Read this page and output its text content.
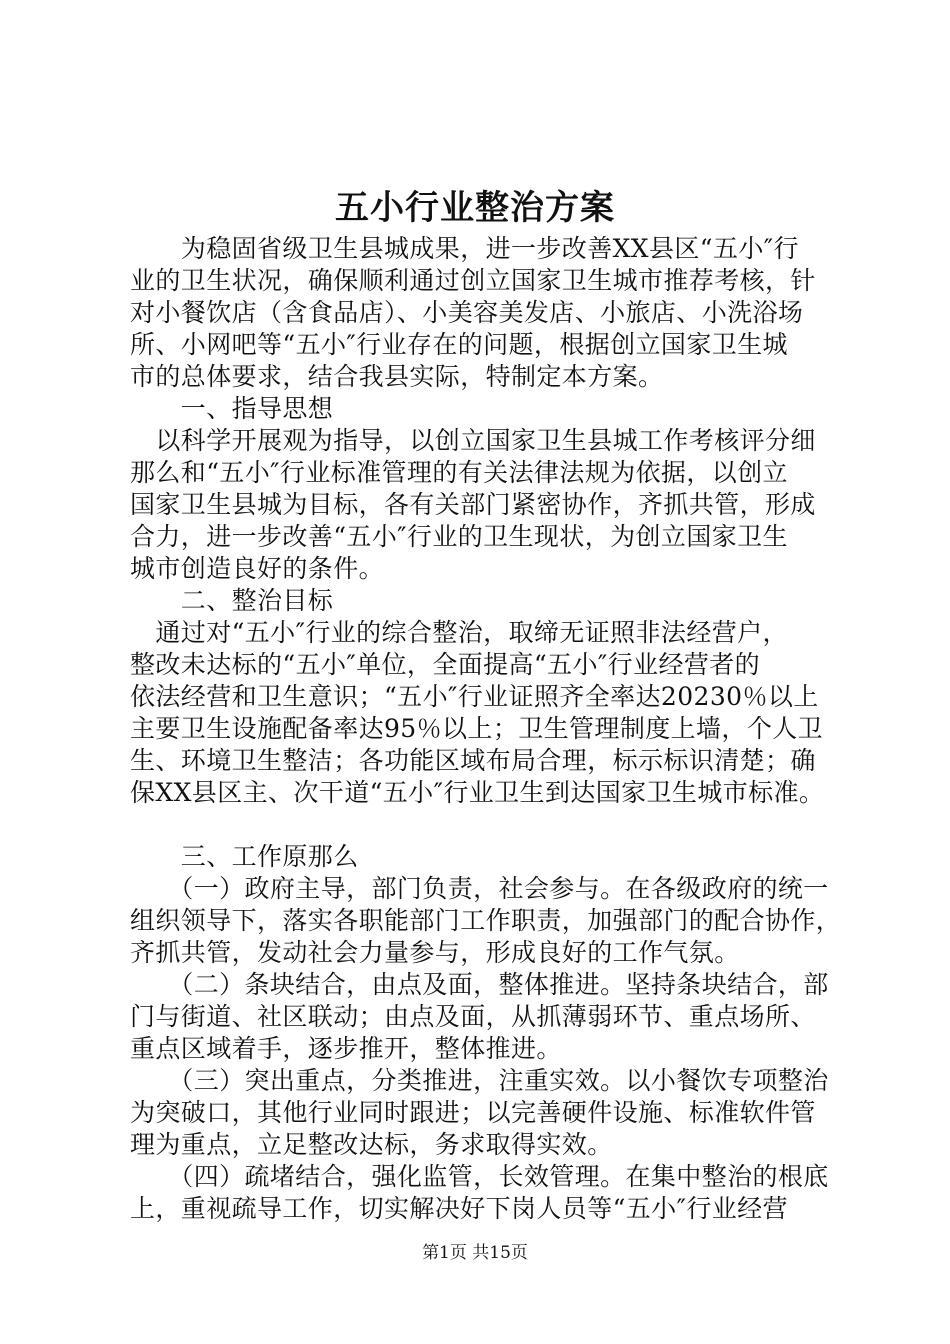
五小行业整治方案
　　为稳固省级卫生县城成果，进一步改善XX县区“五小″行
业的卫生状况，确保顺利通过创立国家卫生城市推荐考核，针
对小餐饮店（含食品店）、小美容美发店、小旅店、小洗浴场
所、小网吧等“五小″行业存在的问题，根据创立国家卫生城
市的总体要求，结合我县实际，特制定本方案。
　　一、指导思想
　以科学开展观为指导，以创立国家卫生县城工作考核评分细
那么和“五小″行业标准管理的有关法律法规为依据，以创立
国家卫生县城为目标，各有关部门紧密协作，齐抓共管，形成
合力，进一步改善“五小″行业的卫生现状，为创立国家卫生
城市创造良好的条件。
　　二、整治目标
　通过对“五小″行业的综合整治，取缔无证照非法经营户，
整改未达标的“五小″单位，全面提高“五小″行业经营者的
依法经营和卫生意识；“五小″行业证照齐全率达20230％以上
主要卫生设施配备率达95％以上；卫生管理制度上墙，个人卫
生、环境卫生整洁；各功能区域布局合理，标示标识清楚；确
保XX县区主、次干道“五小″行业卫生到达国家卫生城市标准。
　　三、工作原那么
　　（一）政府主导，部门负责，社会参与。在各级政府的统一
组织领导下，落实各职能部门工作职责，加强部门的配合协作，
齐抓共管，发动社会力量参与，形成良好的工作气氛。
　　（二）条块结合，由点及面，整体推进。坚持条块结合，部
门与街道、社区联动；由点及面，从抓薄弱环节、重点场所、
重点区域着手，逐步推开，整体推进。
　　（三）突出重点，分类推进，注重实效。以小餐饮专项整治
为突破口，其他行业同时跟进；以完善硬件设施、标准软件管
理为重点，立足整改达标，务求取得实效。
　　（四）疏堵结合，强化监管，长效管理。在集中整治的根底
上，重视疏导工作，切实解决好下岗人员等“五小″行业经营
第1页 共15页
